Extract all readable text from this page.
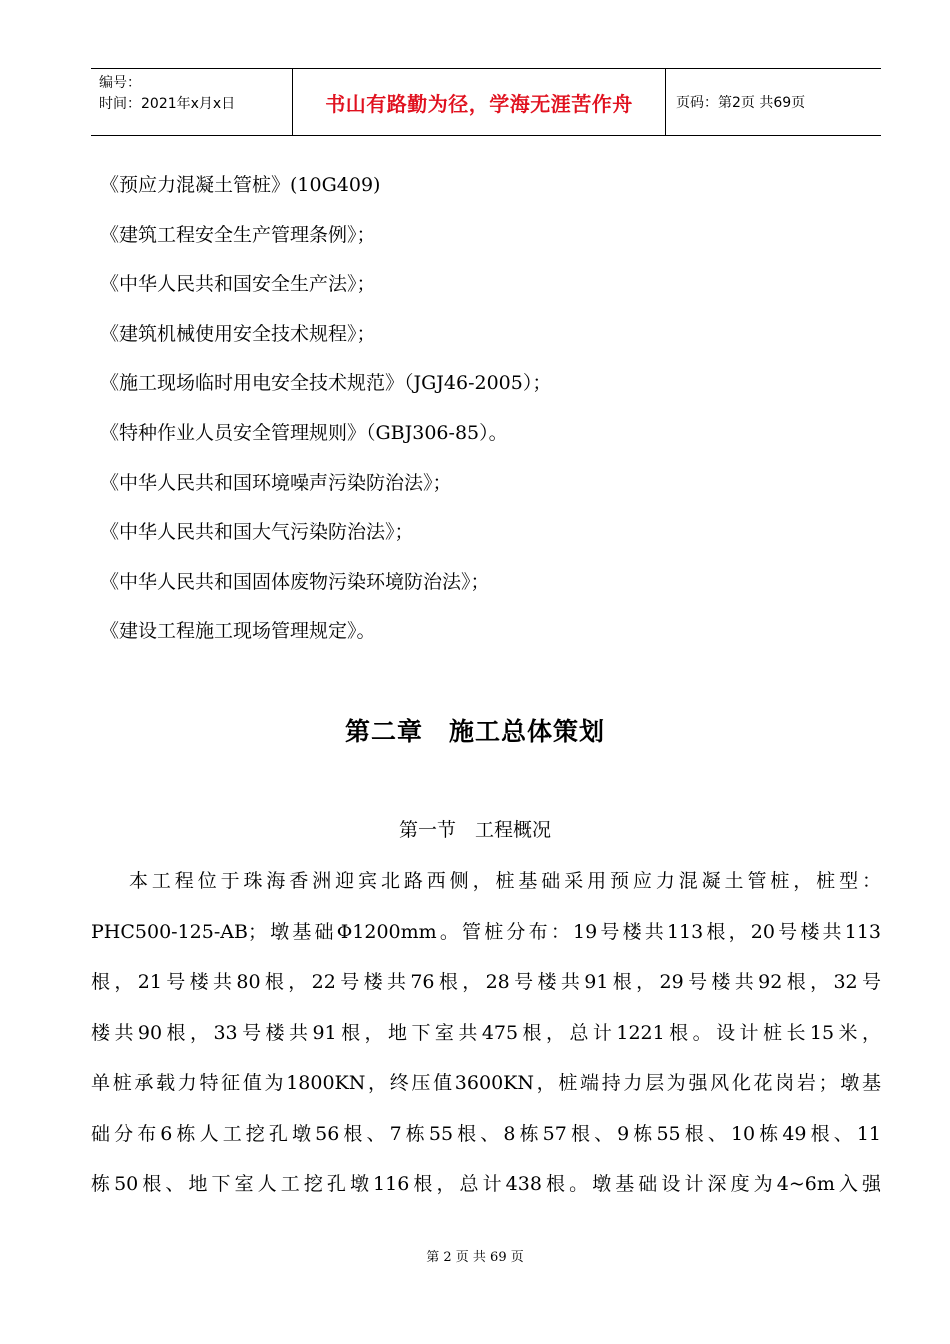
编号：
时间：2021年x月x日	书山有路勤为径，学海无涯苦作舟	页码：第2页 共69页
《预应力混凝土管桩》(10G409)
《建筑工程安全生产管理条例》；
《中华人民共和国安全生产法》；
《建筑机械使用安全技术规程》；
《施工现场临时用电安全技术规范》（JGJ46-2005）；
《特种作业人员安全管理规则》（GBJ306-85）。
《中华人民共和国环境噪声污染防治法》；
《中华人民共和国大气污染防治法》；
《中华人民共和国固体废物污染环境防治法》；
《建设工程施工现场管理规定》。
第二章　施工总体策划
第一节　工程概况
本工程位于珠海香洲迎宾北路西侧，桩基础采用预应力混凝土管桩，桩型：
PHC500-125-AB；墩基础Φ1200mm。管桩分布：19号楼共113根，20号楼共113
根，21号楼共80根，22号楼共76根，28号楼共91根，29号楼共92根，32号
楼共90根，33号楼共91根，地下室共475根，总计1221根。设计桩长15米，
单桩承载力特征值为1800KN，终压值3600KN，桩端持力层为强风化花岗岩；墩基
础分布6栋人工挖孔墩56根、7栋55根、8栋57根、9栋55根、10栋49根、11
栋50根、地下室人工挖孔墩116根，总计438根。墩基础设计深度为4~6m入强
第 2 页 共 69 页
